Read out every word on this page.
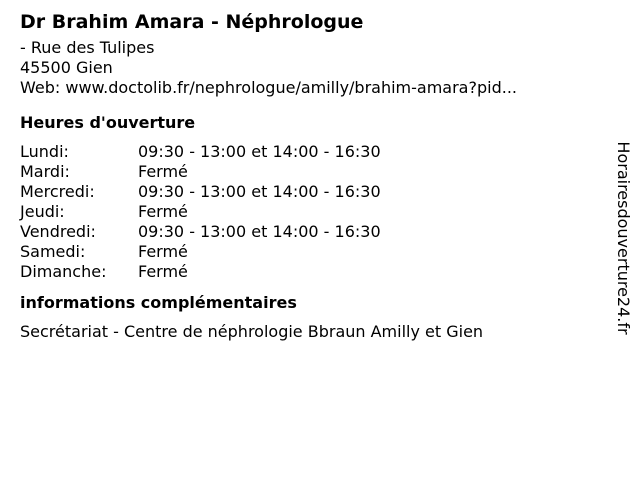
Dr Brahim Amara - Néphrologue
- Rue des Tulipes
45500 Gien
Web: www.doctolib.fr/nephrologue/amilly/brahim-amara?pid...
Heures d'ouverture
Lundi:	09:30 - 13:00 et 14:00 - 16:30
Mardi:	Fermé
Mercredi:	09:30 - 13:00 et 14:00 - 16:30
Jeudi:	Fermé
Vendredi:	09:30 - 13:00 et 14:00 - 16:30
Samedi:	Fermé
Dimanche:	Fermé
informations complémentaires
Secrétariat - Centre de néphrologie Bbraun Amilly et Gien	Horairesdouverture24.fr
